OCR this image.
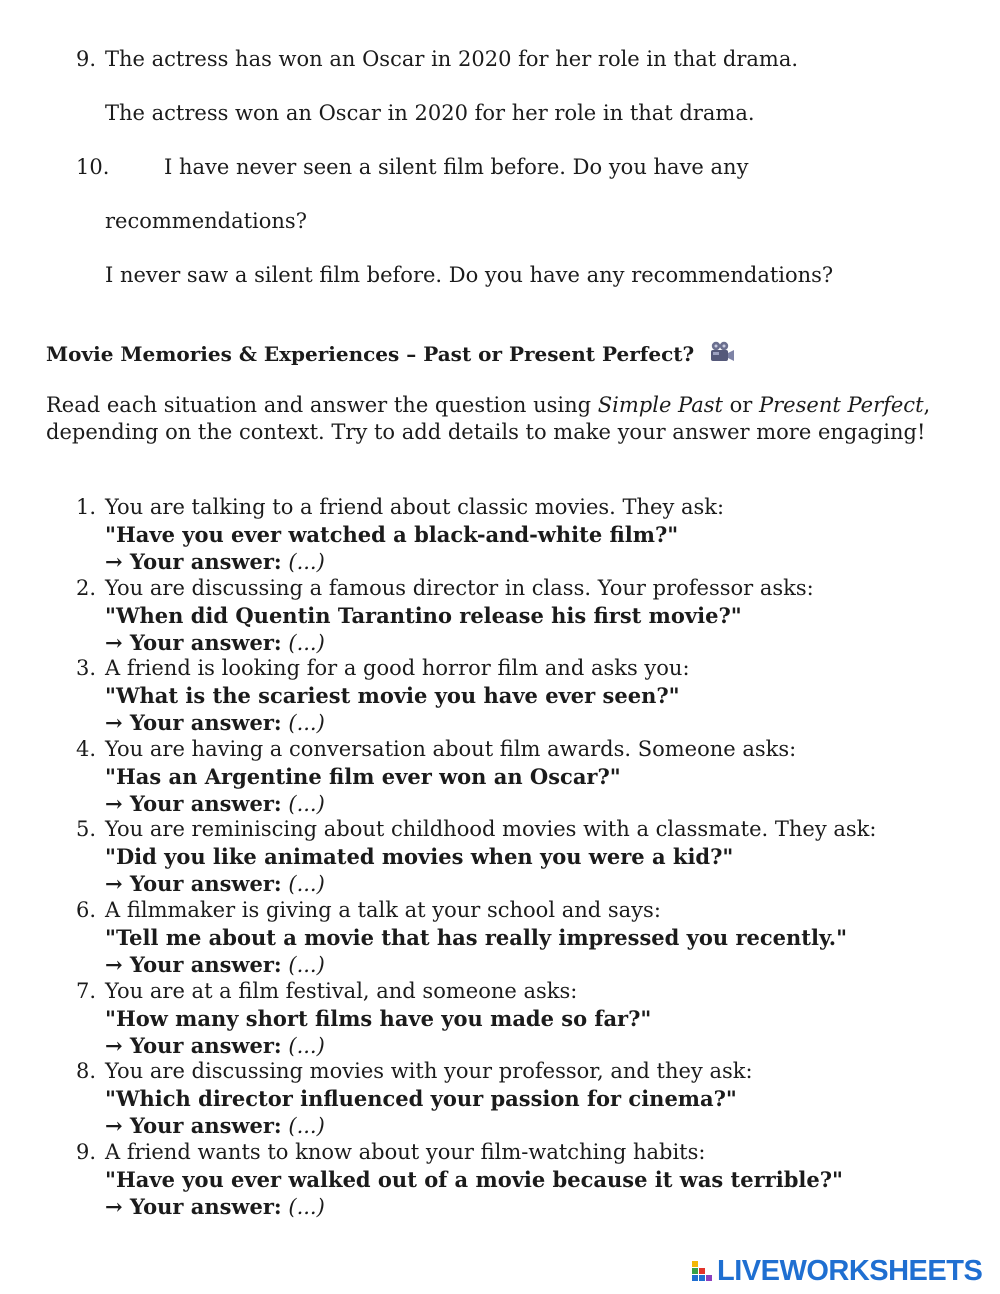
9. The actress has won an Oscar in 2020 for her role in that drama.
The actress won an Oscar in 2020 for her role in that drama.
10.	I have never seen a silent film before. Do you have any
recommendations?
I never saw a silent film before. Do you have any recommendations?
Movie Memories & Experiences – Past or Present Perfect?
Read each situation and answer the question using Simple Past or Present Perfect, depending on the context. Try to add details to make your answer more engaging!
1. You are talking to a friend about classic movies. They ask:
"Have you ever watched a black-and-white film?"
→ Your answer: (...)
2. You are discussing a famous director in class. Your professor asks:
"When did Quentin Tarantino release his first movie?"
→ Your answer: (...)
3. A friend is looking for a good horror film and asks you:
"What is the scariest movie you have ever seen?"
→ Your answer: (...)
4. You are having a conversation about film awards. Someone asks:
"Has an Argentine film ever won an Oscar?"
→ Your answer: (...)
5. You are reminiscing about childhood movies with a classmate. They ask:
"Did you like animated movies when you were a kid?"
→ Your answer: (...)
6. A filmmaker is giving a talk at your school and says:
"Tell me about a movie that has really impressed you recently."
→ Your answer: (...)
7. You are at a film festival, and someone asks:
"How many short films have you made so far?"
→ Your answer: (...)
8. You are discussing movies with your professor, and they ask:
"Which director influenced your passion for cinema?"
→ Your answer: (...)
9. A friend wants to know about your film-watching habits:
"Have you ever walked out of a movie because it was terrible?"
→ Your answer: (...)
LIVEWORKSHEETS
